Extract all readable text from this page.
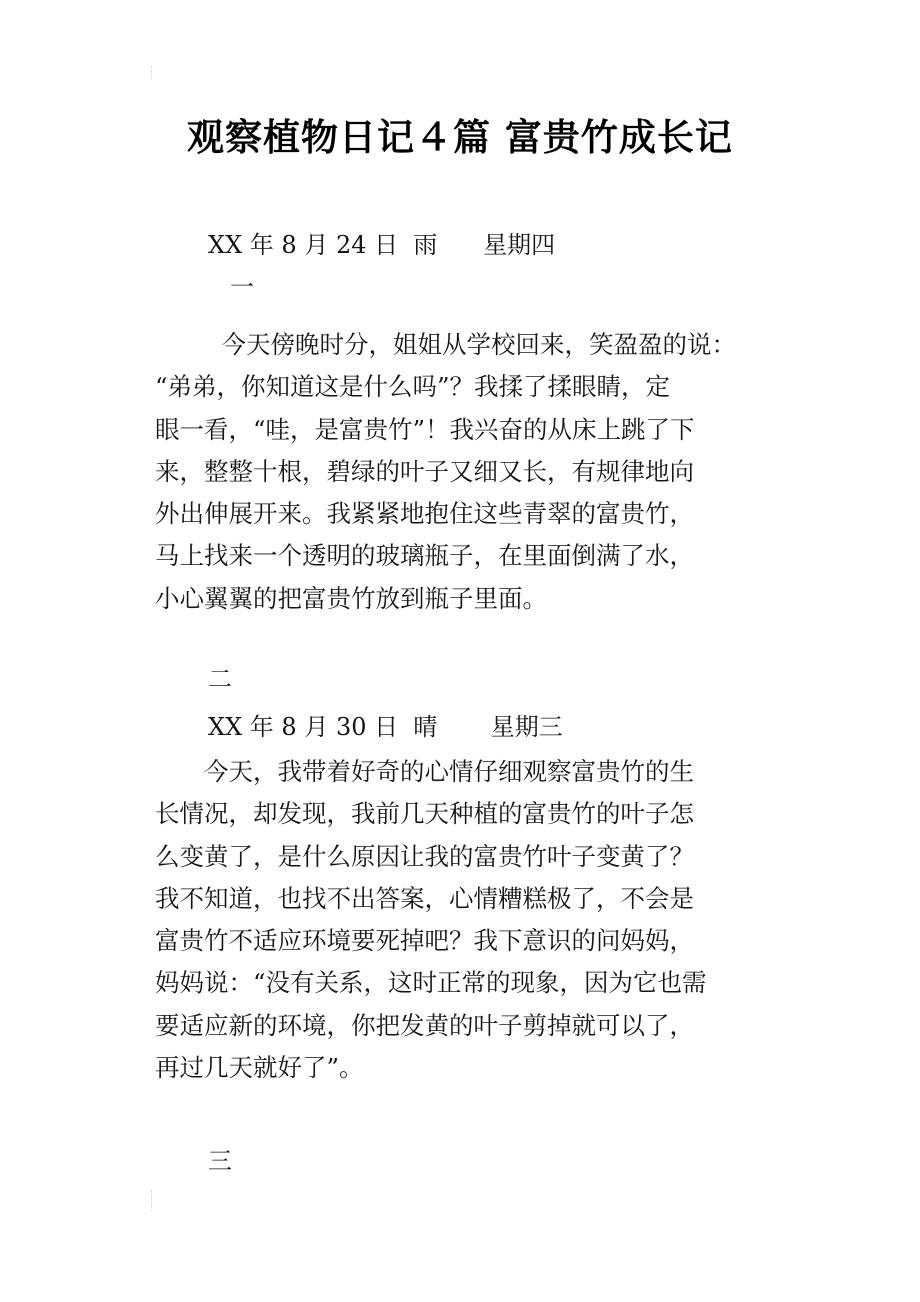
观察植物日记４篇 富贵竹成长记
XX 年 8 月 24 日  雨      星期四
一

　今天傍晚时分，姐姐从学校回来，笑盈盈的说：

“弟弟，你知道这是什么吗”？我揉了揉眼睛，定

眼一看，“哇，是富贵竹”！我兴奋的从床上跳了下

来，整整十根，碧绿的叶子又细又长，有规律地向

外出伸展开来。我紧紧地抱住这些青翠的富贵竹，

马上找来一个透明的玻璃瓶子，在里面倒满了水，

小心翼翼的把富贵竹放到瓶子里面。

二
XX 年 8 月 30 日  晴       星期三

　　今天，我带着好奇的心情仔细观察富贵竹的生

长情况，却发现，我前几天种植的富贵竹的叶子怎

么变黄了，是什么原因让我的富贵竹叶子变黄了？

我不知道，也找不出答案，心情糟糕极了，不会是

富贵竹不适应环境要死掉吧？我下意识的问妈妈，

妈妈说：“没有关系，这时正常的现象，因为它也需

要适应新的环境，你把发黄的叶子剪掉就可以了，

再过几天就好了”。

三
